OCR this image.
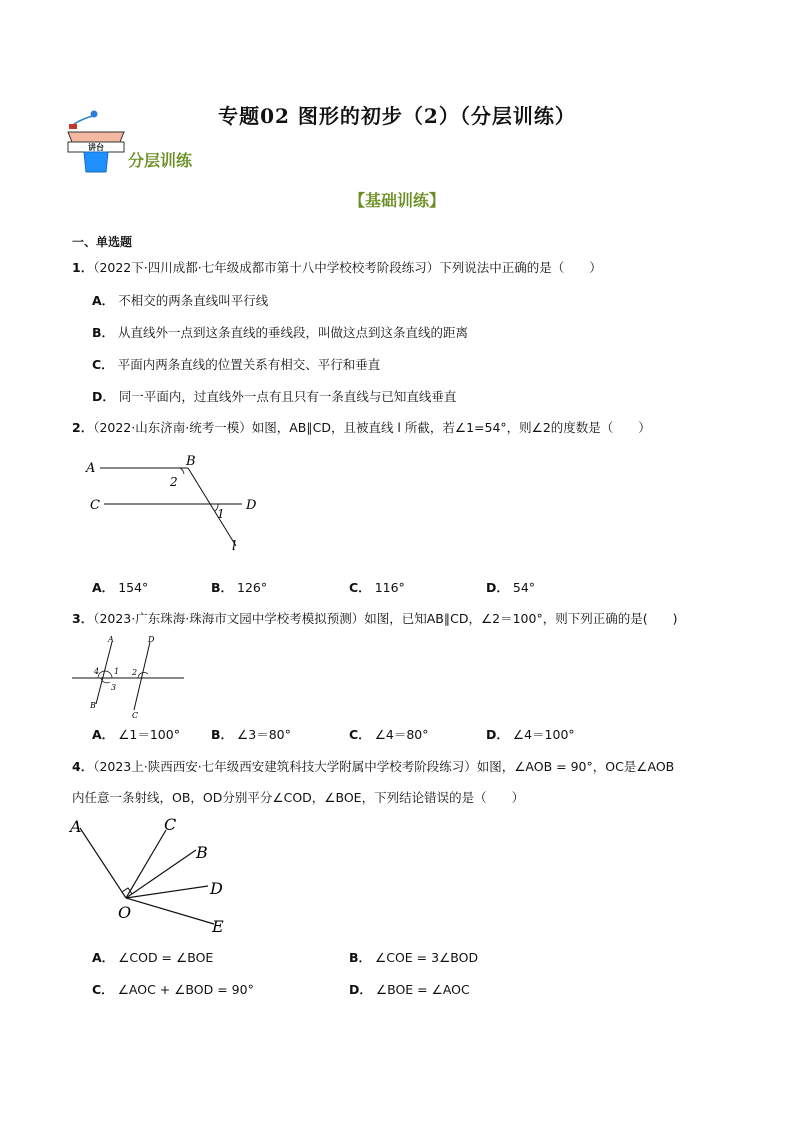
专题02 图形的初步（2）（分层训练）
讲台
分层训练
【基础训练】
一、单选题
1．（2022下·四川成都·七年级成都市第十八中学校校考阶段练习）下列说法中正确的是（　　）
A． 不相交的两条直线叫平行线
B． 从直线外一点到这条直线的垂线段，叫做这点到这条直线的距离
C． 平面内两条直线的位置关系有相交、平行和垂直
D． 同一平面内，过直线外一点有且只有一条直线与已知直线垂直
2．（2022·山东济南·统考一模）如图，AB∥CD，且被直线 l 所截，若∠1=54°，则∠2的度数是（　　）
A	B
C	D
l
1
2
A． 154°	B． 126°	C． 116°	D． 54°
3．（2023·广东珠海·珠海市文园中学校考模拟预测）如图，已知AB∥CD，∠2＝100°，则下列正确的是(　　)
A
B
C
D
1 2
3
4
A． ∠1＝100° B． ∠3＝80°	C． ∠4＝80°	D． ∠4＝100°
4．（2023上·陕西西安·七年级西安建筑科技大学附属中学校考阶段练习）如图，∠AOB = 90°，OC是∠AOB
内任意一条射线，OB，OD分别平分∠COD，∠BOE，下列结论错误的是（　　）
A	C
B
D
E
O
A． ∠COD = ∠BOE	B． ∠COE = 3∠BOD
C． ∠AOC + ∠BOD = 90°	D． ∠BOE = ∠AOC
